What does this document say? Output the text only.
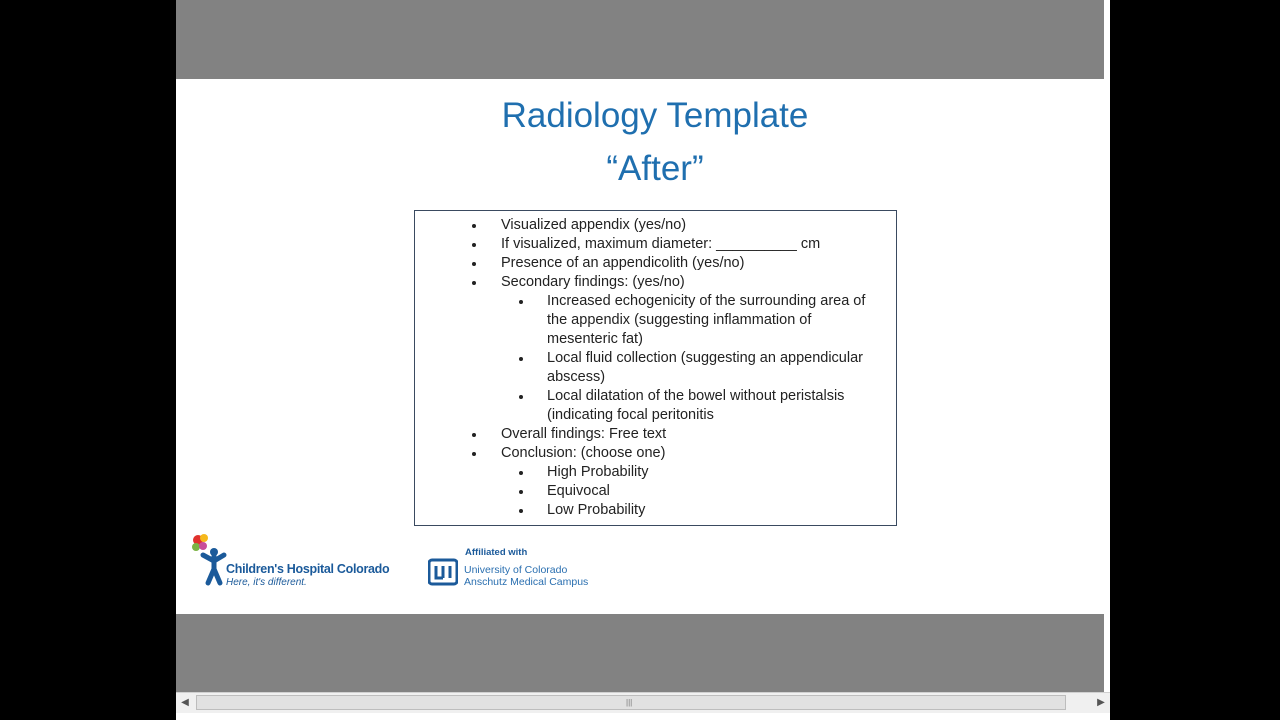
Radiology Template
“After”
Visualized appendix (yes/no)
If visualized, maximum diameter: __________ cm
Presence of an appendicolith (yes/no)
Secondary findings: (yes/no)
Increased echogenicity of the surrounding area of the appendix (suggesting inflammation of mesenteric fat)
Local fluid collection (suggesting an appendicular abscess)
Local dilatation of the bowel without peristalsis (indicating focal peritonitis
Overall findings: Free text
Conclusion: (choose one)
High Probability
Equivocal
Low Probability
Children's Hospital Colorado
Here, it's different.
Affiliated with
University of Colorado
Anschutz Medical Campus
◀	|||	▶
